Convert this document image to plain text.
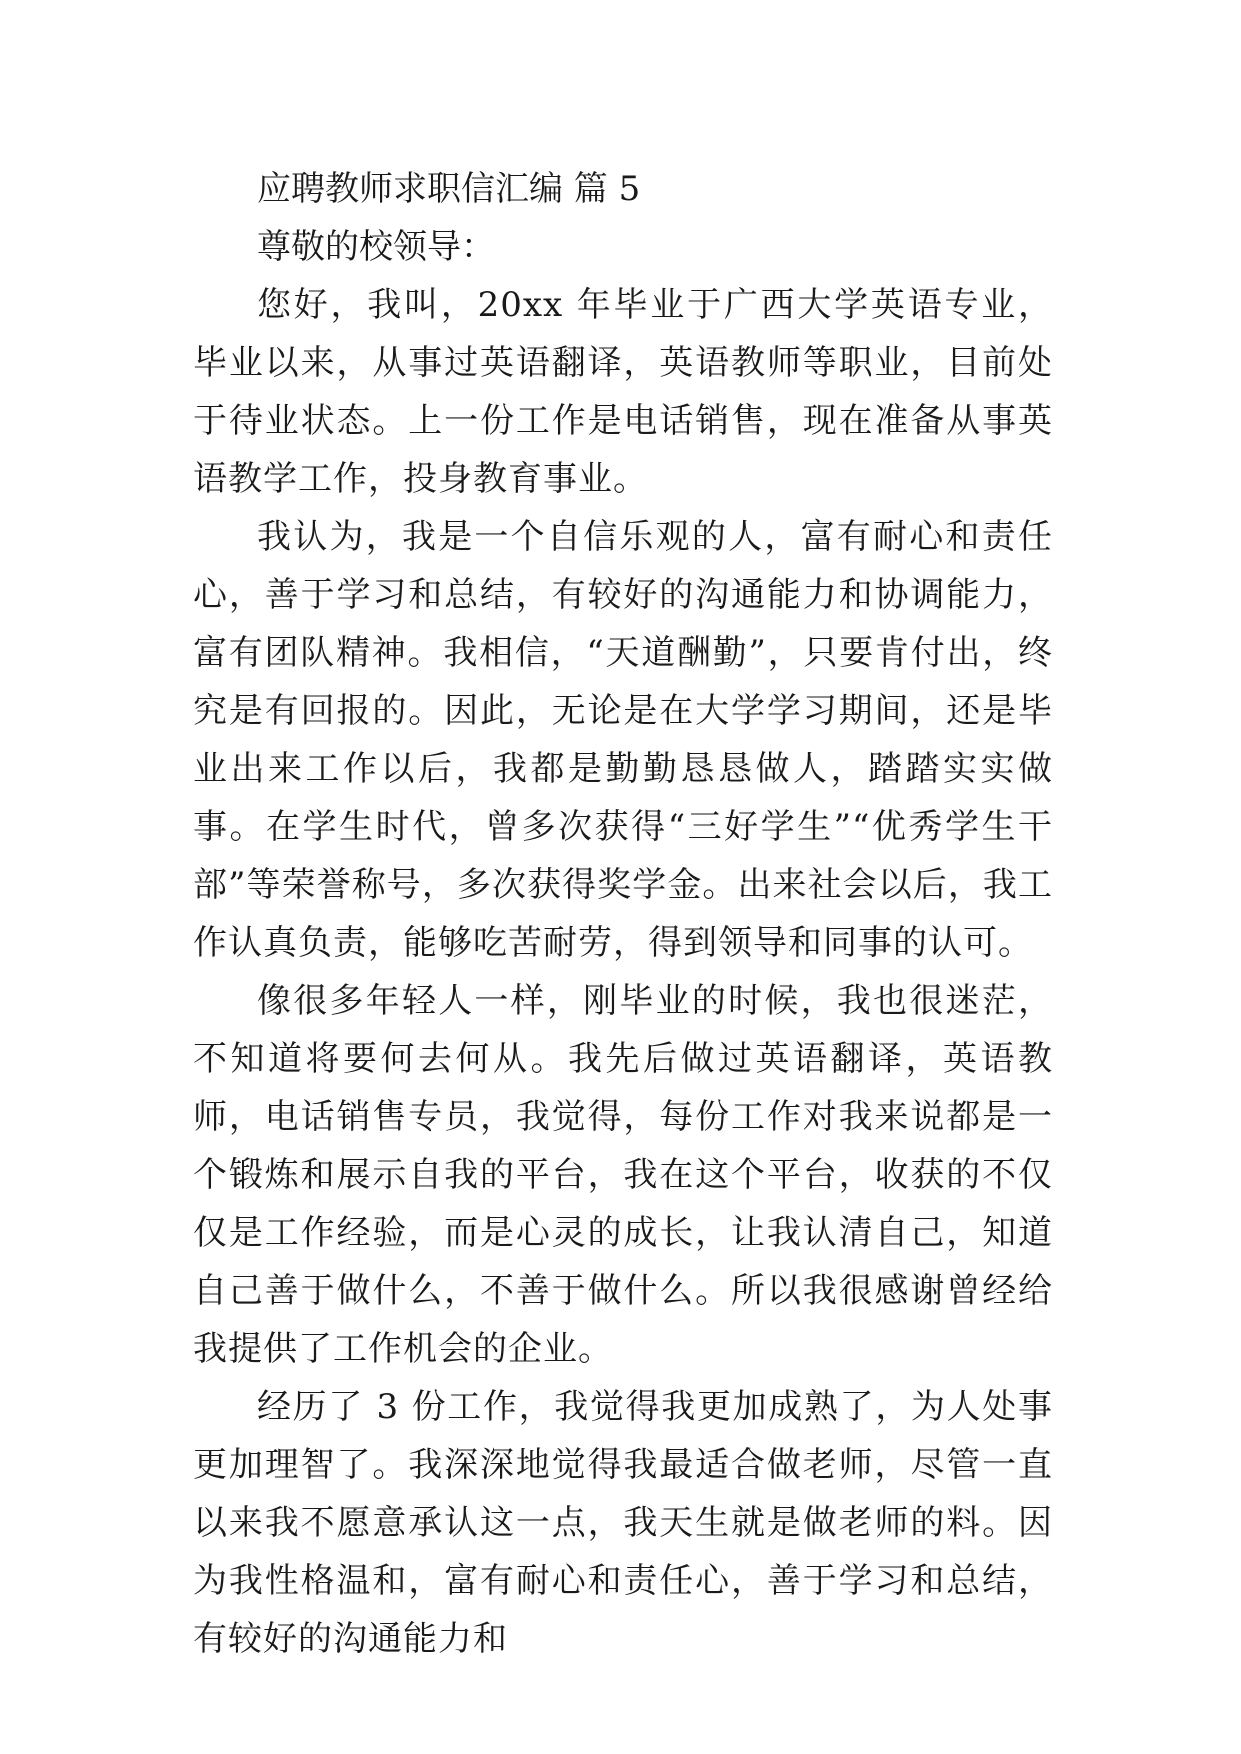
应聘教师求职信汇编 篇 5

尊敬的校领导：

您好，我叫，20xx 年毕业于广西大学英语专业，毕业以来，从事过英语翻译，英语教师等职业，目前处于待业状态。上一份工作是电话销售，现在准备从事英语教学工作，投身教育事业。

我认为，我是一个自信乐观的人，富有耐心和责任心，善于学习和总结，有较好的沟通能力和协调能力，富有团队精神。我相信，“天道酬勤”，只要肯付出，终究是有回报的。因此，无论是在大学学习期间，还是毕业出来工作以后，我都是勤勤恳恳做人，踏踏实实做事。在学生时代，曾多次获得“三好学生”“优秀学生干部”等荣誉称号，多次获得奖学金。出来社会以后，我工作认真负责，能够吃苦耐劳，得到领导和同事的认可。

像很多年轻人一样，刚毕业的时候，我也很迷茫，不知道将要何去何从。我先后做过英语翻译，英语教师，电话销售专员，我觉得，每份工作对我来说都是一个锻炼和展示自我的平台，我在这个平台，收获的不仅仅是工作经验，而是心灵的成长，让我认清自己，知道自己善于做什么，不善于做什么。所以我很感谢曾经给我提供了工作机会的企业。

经历了 3 份工作，我觉得我更加成熟了，为人处事更加理智了。我深深地觉得我最适合做老师，尽管一直以来我不愿意承认这一点，我天生就是做老师的料。因为我性格温和，富有耐心和责任心，善于学习和总结，有较好的沟通能力和
